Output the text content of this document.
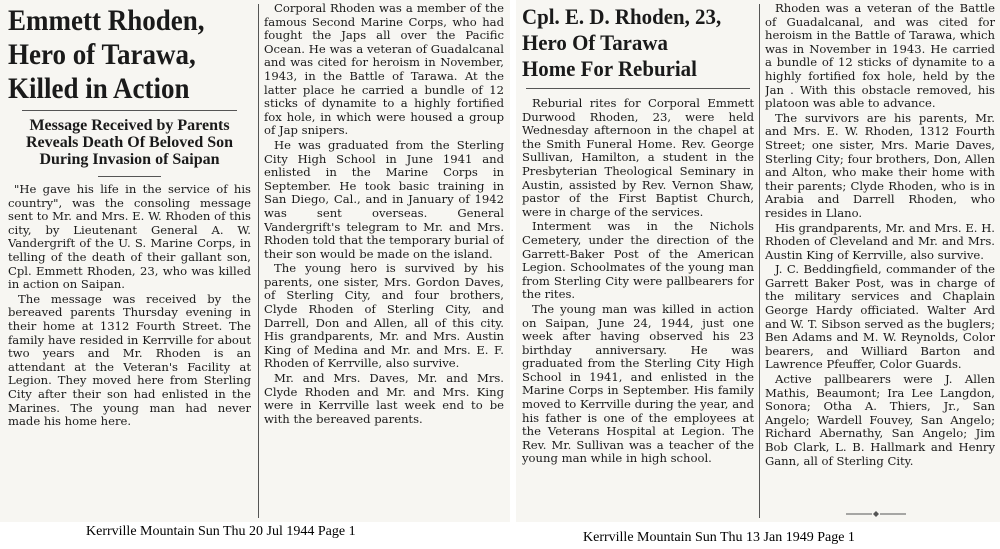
Emmett Rhoden,
Hero of Tarawa,
Killed in Action
Message Received by Parents Reveals Death Of Beloved Son During Invasion of Saipan

"He gave his life in the service of his country", was the consoling message sent to Mr. and Mrs. E. W. Rhoden of this city, by Lieutenant General A. W. Vandergrift of the U. S. Marine Corps, in telling of the death of their gallant son, Cpl. Emmett Rhoden, 23, who was killed in action on Saipan.

The message was received by the bereaved parents Thursday evening in their home at 1312 Fourth Street. The family have resided in Kerrville for about two years and Mr. Rhoden is an attendant at the Veteran's Facility at Legion. They moved here from Sterling City after their son had enlisted in the Marines. The young man had never made his home here.

Corporal Rhoden was a member of the famous Second Marine Corps, who had fought the Japs all over the Pacific Ocean. He was a veteran of Guadalcanal and was cited for heroism in November, 1943, in the Battle of Tarawa. At the latter place he carried a bundle of 12 sticks of dynamite to a highly fortified fox hole, in which were housed a group of Jap snipers.

He was graduated from the Sterling City High School in June 1941 and enlisted in the Marine Corps in September. He took basic training in San Diego, Cal., and in January of 1942 was sent overseas. General Vandergrift's telegram to Mr. and Mrs. Rhoden told that the temporary burial of their son would be made on the island.

The young hero is survived by his parents, one sister, Mrs. Gordon Daves, of Sterling City, and four brothers, Clyde Rhoden of Sterling City, and Darrell, Don and Allen, all of this city. His grandparents, Mr. and Mrs. Austin King of Medina and Mr. and Mrs. E. F. Rhoden of Kerrville, also survive.

Mr. and Mrs. Daves, Mr. and Mrs. Clyde Rhoden and Mr. and Mrs. King were in Kerrville last week end to be with the bereaved parents.

Cpl. E. D. Rhoden, 23,
Hero Of Tarawa
Home For Reburial

Reburial rites for Corporal Emmett Durwood Rhoden, 23, were held Wednesday afternoon in the chapel at the Smith Funeral Home. Rev. George Sullivan, Hamilton, a student in the Presbyterian Theological Seminary in Austin, assisted by Rev. Vernon Shaw, pastor of the First Baptist Church, were in charge of the services.

Interment was in the Nichols Cemetery, under the direction of the Garrett-Baker Post of the American Legion. Schoolmates of the young man from Sterling City were pallbearers for the rites.

The young man was killed in action on Saipan, June 24, 1944, just one week after having observed his 23 birthday anniversary. He was graduated from the Sterling City High School in 1941, and enlisted in the Marine Corps in September. His family moved to Kerrville during the year, and his father is one of the employees at the Veterans Hospital at Legion. The Rev. Mr. Sullivan was a teacher of the young man while in high school.

Rhoden was a veteran of the Battle of Guadalcanal, and was cited for heroism in the Battle of Tarawa, which was in November in 1943. He carried a bundle of 12 sticks of dynamite to a highly fortified fox hole, held by the Jan . With this obstacle removed, his platoon was able to advance.

The survivors are his parents, Mr. and Mrs. E. W. Rhoden, 1312 Fourth Street; one sister, Mrs. Marie Daves, Sterling City; four brothers, Don, Allen and Alton, who make their home with their parents; Clyde Rhoden, who is in Arabia and Darrell Rhoden, who resides in Llano.

His grandparents, Mr. and Mrs. E. H. Rhoden of Cleveland and Mr. and Mrs. Austin King of Kerrville, also survive.

J. C. Beddingfield, commander of the Garrett Baker Post, was in charge of the military services and Chaplain George Hardy officiated. Walter Ard and W. T. Sibson served as the buglers; Ben Adams and M. W. Reynolds, Color bearers, and Williard Barton and Lawrence Pfeuffer, Color Guards.

Active pallbearers were J. Allen Mathis, Beaumont; Ira Lee Langdon, Sonora; Otha A. Thiers, Jr., San Angelo; Wardell Fouvey, San Angelo; Richard Abernathy, San Angelo; Jim Bob Clark, L. B. Hallmark and Henry Gann, all of Sterling City.

Kerrville Mountain Sun Thu 20 Jul 1944 Page 1	Kerrville Mountain Sun Thu 13 Jan 1949 Page 1
